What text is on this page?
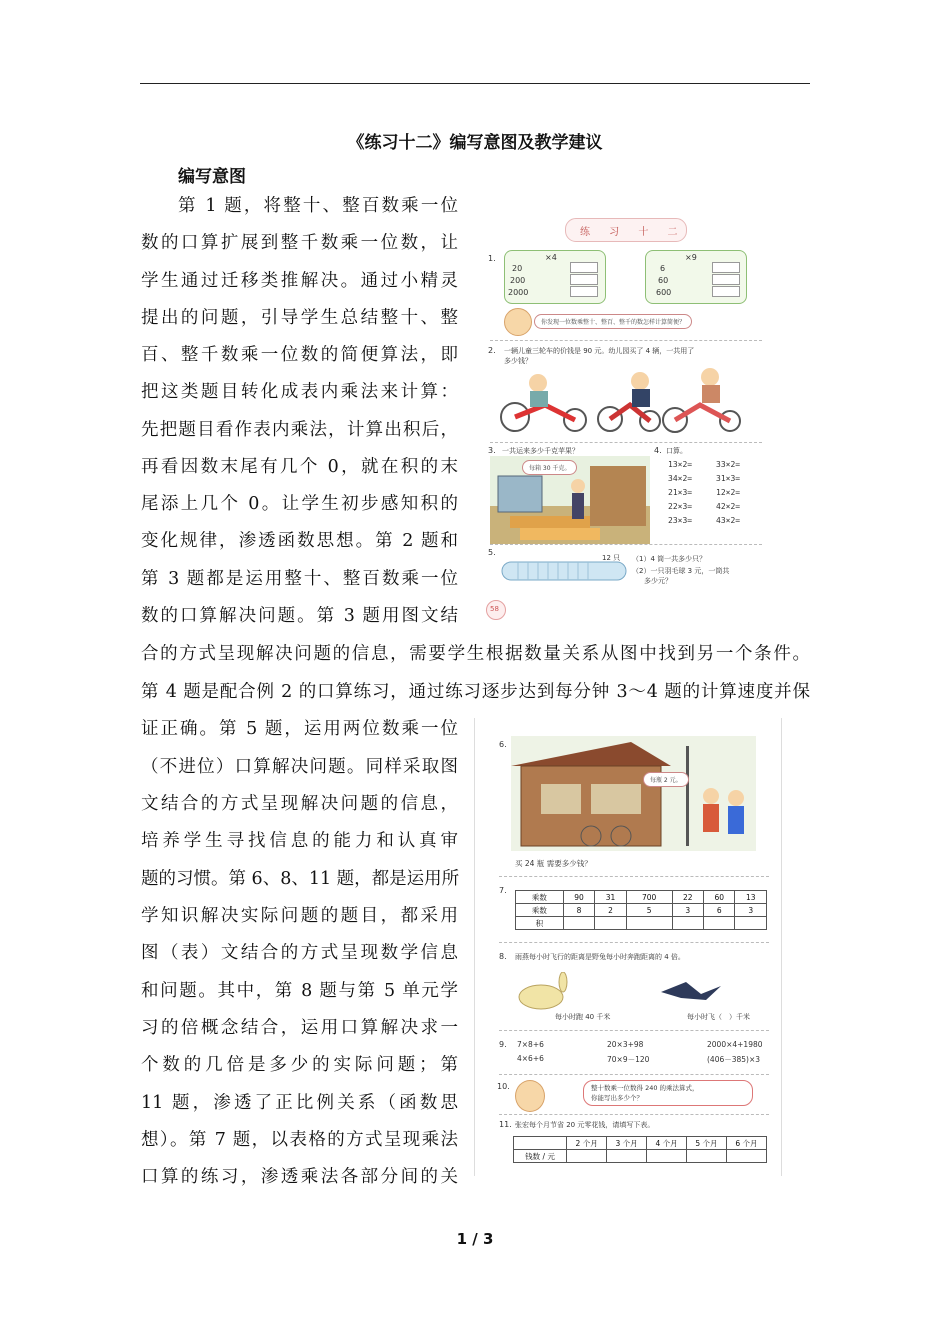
《练习十二》编写意图及教学建议
编写意图
第 1 题，将整十、整百数乘一位
数的口算扩展到整千数乘一位数，让
学生通过迁移类推解决。通过小精灵
提出的问题，引导学生总结整十、整
百、整千数乘一位数的简便算法，即
把这类题目转化成表内乘法来计算：
先把题目看作表内乘法，计算出积后，
再看因数末尾有几个 0，就在积的末
尾添上几个 0。让学生初步感知积的
变化规律，渗透函数思想。第 2 题和
第 3 题都是运用整十、整百数乘一位
数的口算解决问题。第 3 题用图文结
合的方式呈现解决问题的信息，需要学生根据数量关系从图中找到另一个条件。
第 4 题是配合例 2 的口算练习，通过练习逐步达到每分钟 3～4 题的计算速度并保
证正确。第 5 题，运用两位数乘一位
（不进位）口算解决问题。同样采取图
文结合的方式呈现解决问题的信息，
培养学生寻找信息的能力和认真审
题的习惯。第 6、8、11 题，都是运用所
学知识解决实际问题的题目，都采用
图（表）文结合的方式呈现数学信息
和问题。其中，第 8 题与第 5 单元学
习的倍概念结合，运用口算解决求一
个数的几倍是多少的实际问题；第
11 题，渗透了正比例关系（函数思
想）。第 7 题，以表格的方式呈现乘法
口算的练习，渗透乘法各部分间的关
1 / 3
练 习 十 二
1.	×4
20
200
2000
×9
6
60
600
你发现一位数乘整十、整百、整千的数怎样计算简便？
2. 一辆儿童三轮车的价钱是 90 元。幼儿园买了 4 辆，一共用了
多少钱？
3. 一共运来多少千克苹果？
每箱 30 千克。
4. 口算。
5.
12 只 （1）4 筒一共多少只？
（2）一只羽毛球 3 元，一筒共
多少元？
58
13×2=	33×2=
34×2=	31×3=
21×3=	12×2=
22×3=	42×2=
23×3=	43×2=
6.
每瓶 2 元。
买 24 瓶 需要多少钱？
7.
乘数	90	31	700	22	60	13
乘数	8	2	5	3	6	3
积						
8. 雨燕每小时飞行的距离是野兔每小时奔跑距离的 4 倍。
每小时跑 40 千米	每小时飞（　）千米
9.
10.	整十数乘一位数得 240 的乘法算式，
你能写出多少个？
11. 张宏每个月节省 20 元零花钱，请填写下表。
	2 个月	3 个月	4 个月	5 个月	6 个月
钱数 / 元					
7×8+6	20×3+98	2000×4+1980
4×6+6	70×9－120	(406－385)×3
